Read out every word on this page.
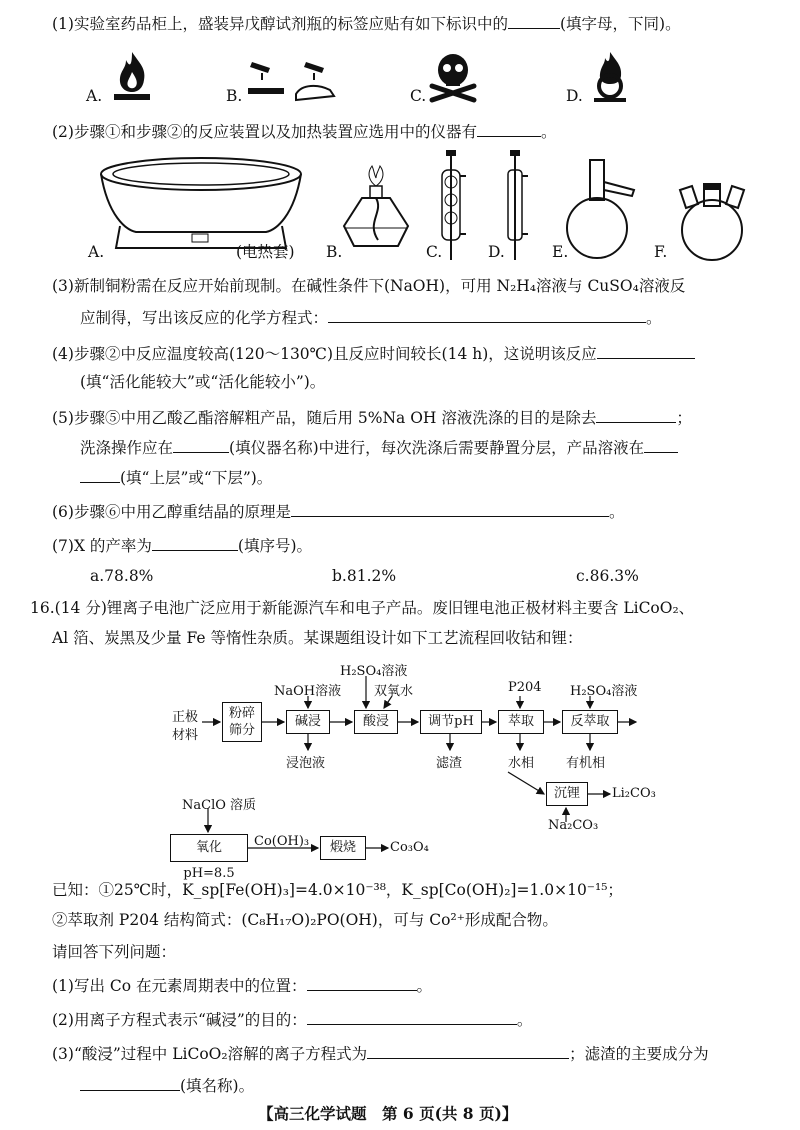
(1)实验室药品柜上，盛装异戊醇试剂瓶的标签应贴有如下标识中的	(填字母，下同)。
A.	B.	C.	D.
(2)步骤①和步骤②的反应装置以及加热装置应选用中的仪器有	。
A.	(电热套) B.	C.	D.	E.	F.
(3)新制铜粉需在反应开始前现制。在碱性条件下(NaOH)，可用 N₂H₄溶液与 CuSO₄溶液反
应制得，写出该反应的化学方程式：	。
(4)步骤②中反应温度较高(120～130℃)且反应时间较长(14 h)，这说明该反应
(填“活化能较大”或“活化能较小”)。
(5)步骤⑤中用乙酸乙酯溶解粗产品，随后用 5%Na OH 溶液洗涤的目的是除去	；
洗涤操作应在	(填仪器名称)中进行，每次洗涤后需要静置分层，产品溶液在
(填“上层”或“下层”)。
(6)步骤⑥中用乙醇重结晶的原理是	。
(7)X 的产率为	(填序号)。
a.78.8%	b.81.2%	c.86.3%
16.(14 分)锂离子电池广泛应用于新能源汽车和电子产品。废旧锂电池正极材料主要含 LiCoO₂、
Al 箔、炭黑及少量 Fe 等惰性杂质。某课题组设计如下工艺流程回收钴和锂：
正极
材料
粉碎
筛分
碱浸	酸浸	调节pH	萃取	反萃取
NaOH溶液
H₂SO₄溶液
双氧水	P204 H₂SO₄溶液
浸泡液	滤渣	水相 有机相
沉锂	Li₂CO₃
Na₂CO₃
NaClO 溶质
氧化pH=8.5
Co(OH)₃	煅烧	Co₃O₄
已知：①25℃时，K_sp[Fe(OH)₃]=4.0×10⁻³⁸，K_sp[Co(OH)₂]=1.0×10⁻¹⁵；
②萃取剂 P204 结构简式：(C₈H₁₇O)₂PO(OH)，可与 Co²⁺形成配合物。
请回答下列问题：
(1)写出 Co 在元素周期表中的位置：	。
(2)用离子方程式表示“碱浸”的目的：	。
(3)“酸浸”过程中 LiCoO₂溶解的离子方程式为	；滤渣的主要成分为
(填名称)。
【高三化学试题　第 6 页(共 8 页)】
